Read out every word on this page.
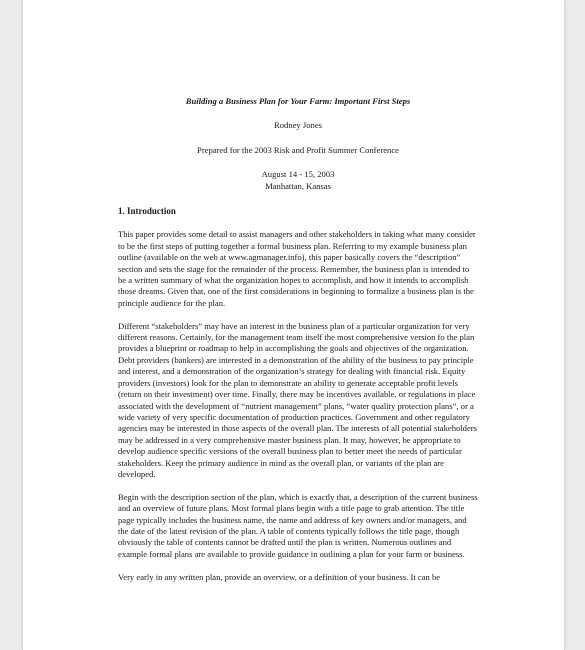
Building a Business Plan for Your Farm: Important First Steps
Rodney Jones
Prepared for the 2003 Risk and Profit Summer Conference
August 14 - 15, 2003
Manhattan, Kansas
1. Introduction

This paper provides some detail to assist managers and other stakeholders in taking what many consider to be the first steps of putting together a formal business plan. Referring to my example business plan outline (available on the web at www.agmanager.info), this paper basically covers the “description” section and sets the stage for the remainder of the process. Remember, the business plan is intended to be a written summary of what the organization hopes to accomplish, and how it intends to accomplish those dreams. Given that, one of the first considerations in beginning to formalize a business plan is the principle audience for the plan.

Different “stakeholders” may have an interest in the business plan of a particular organization for very different reasons. Certainly, for the management team itself the most comprehensive version fo the plan provides a blueprint or roadmap to help in accomplishing the goals and objectives of the organization. Debt providers (bankers) are interested in a demonstration of the ability of the business to pay principle and interest, and a demonstration of the organization’s strategy for dealing with financial risk. Equity providers (investors) look for the plan to demonstrate an ability to generate acceptable profit levels (return on their investment) over time. Finally, there may be incentives available, or regulations in place associated with the development of “nutrient management” plans, “water quality protection plans”, or a wide variety of very specific documentation of production practices. Government and other regulatory agencies may be interested in those aspects of the overall plan. The interests of all potential stakeholders may be addressed in a very comprehensive master business plan. It may, however, be appropriate to develop audience specific versions of the overall business plan to better meet the needs of particular stakeholders. Keep the primary audience in mind as the overall plan, or variants of the plan are developed.

Begin with the description section of the plan, which is exactly that, a description of the current business and an overview of future plans. Most formal plans begin with a title page to grab attention. The title page typically includes the business name, the name and address of key owners and/or managers, and the date of the latest revision of the plan. A table of contents typically follows the title page, though obviously the table of contents cannot be drafted until the plan is written. Numerous outlines and example formal plans are available to provide guidance in outlining a plan for your farm or business.

Very early in any written plan, provide an overview, or a definition of your business. It can be
